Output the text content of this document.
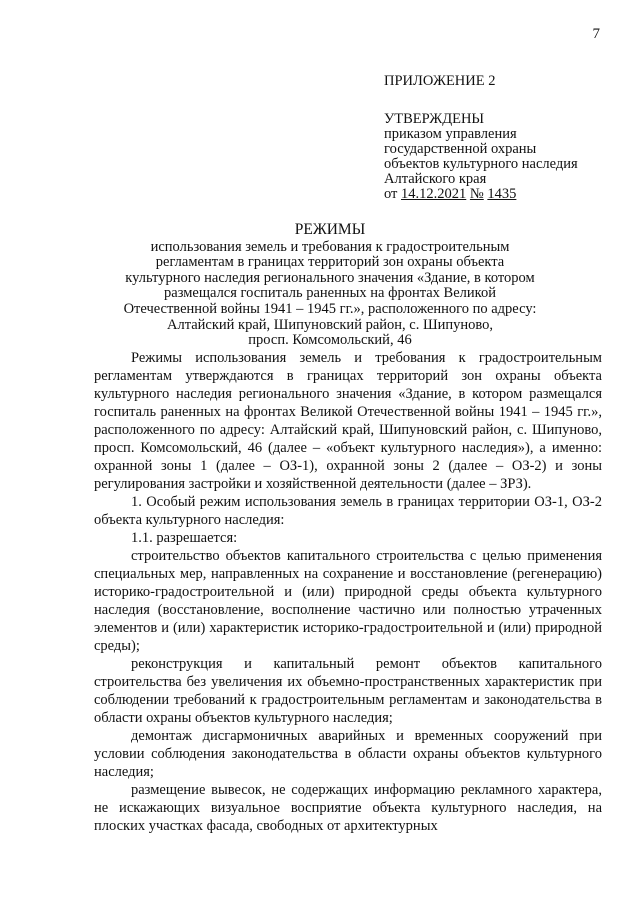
7
ПРИЛОЖЕНИЕ 2
УТВЕРЖДЕНЫ
приказом управления
государственной охраны
объектов культурного наследия
Алтайского края
от 14.12.2021 № 1435
РЕЖИМЫ
использования земель и требования к градостроительным
регламентам в границах территорий зон охраны объекта
культурного наследия регионального значения «Здание, в котором
размещался госпиталь раненных на фронтах Великой
Отечественной войны 1941 – 1945 гг.», расположенного по адресу:
Алтайский край, Шипуновский район, с. Шипуново,
просп. Комсомольский, 46

Режимы использования земель и требования к градостроительным регламентам утверждаются в границах территорий зон охраны объекта культурного наследия регионального значения «Здание, в котором размещался госпиталь раненных на фронтах Великой Отечественной войны 1941 – 1945 гг.», расположенного по адресу: Алтайский край, Шипуновский район, с. Шипуново, просп. Комсомольский, 46 (далее – «объект культурного наследия»), а именно: охранной зоны 1 (далее – ОЗ-1), охранной зоны 2 (далее – ОЗ-2) и зоны регулирования застройки и хозяйственной деятельности (далее – ЗРЗ).

1. Особый режим использования земель в границах территории ОЗ-1, ОЗ-2 объекта культурного наследия:

1.1. разрешается:

строительство объектов капитального строительства с целью применения специальных мер, направленных на сохранение и восстановление (регенерацию) историко-градостроительной и (или) природной среды объекта культурного наследия (восстановление, восполнение частично или полностью утраченных элементов и (или) характеристик историко-градостроительной и (или) природной среды);

реконструкция и капитальный ремонт объектов капитального строительства без увеличения их объемно-пространственных характеристик при соблюдении требований к градостроительным регламентам и законодательства в области охраны объектов культурного наследия;

демонтаж дисгармоничных аварийных и временных сооружений при условии соблюдения законодательства в области охраны объектов культурного наследия;

размещение вывесок, не содержащих информацию рекламного характера, не искажающих визуальное восприятие объекта культурного наследия, на плоских участках фасада, свободных от архитектурных
